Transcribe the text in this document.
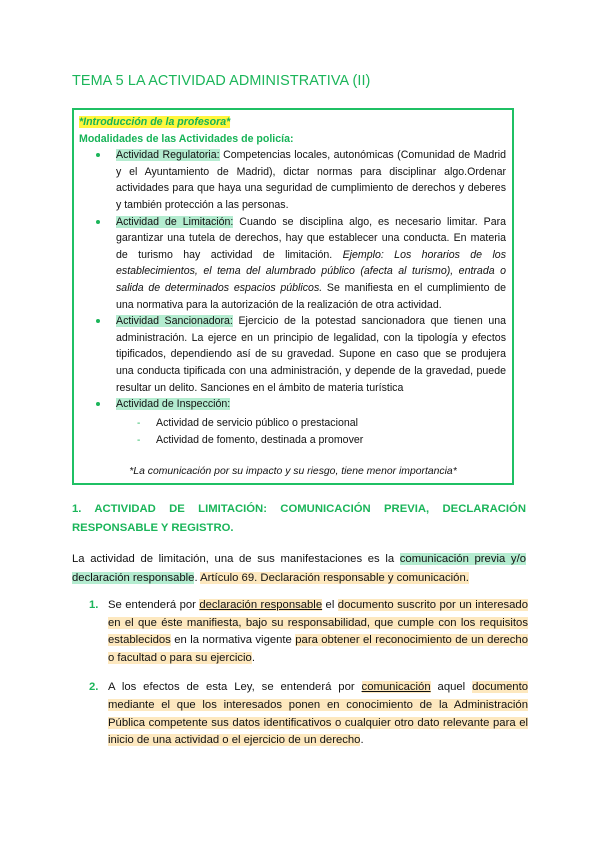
TEMA 5 LA ACTIVIDAD ADMINISTRATIVA (II)
*Introducción de la profesora*
Modalidades de las Actividades de policía:
Actividad Regulatoria: Competencias locales, autonómicas (Comunidad de Madrid y el Ayuntamiento de Madrid), dictar normas para disciplinar algo.Ordenar actividades para que haya una seguridad de cumplimiento de derechos y deberes y también protección a las personas.
Actividad de Limitación: Cuando se disciplina algo, es necesario limitar. Para garantizar una tutela de derechos, hay que establecer una conducta. En materia de turismo hay actividad de limitación. Ejemplo: Los horarios de los establecimientos, el tema del alumbrado público (afecta al turismo), entrada o salida de determinados espacios públicos. Se manifiesta en el cumplimiento de una normativa para la autorización de la realización de otra actividad.
Actividad Sancionadora: Ejercicio de la potestad sancionadora que tienen una administración. La ejerce en un principio de legalidad, con la tipología y efectos tipificados, dependiendo así de su gravedad. Supone en caso que se produjera una conducta tipificada con una administración, y depende de la gravedad, puede resultar un delito. Sanciones en el ámbito de materia turística
Actividad de Inspección:
- Actividad de servicio público o prestacional
- Actividad de fomento, destinada a promover
*La comunicación por su impacto y su riesgo, tiene menor importancia*
1. ACTIVIDAD DE LIMITACIÓN: COMUNICACIÓN PREVIA, DECLARACIÓN RESPONSABLE Y REGISTRO.

La actividad de limitación, una de sus manifestaciones es la comunicación previa y/o declaración responsable. Artículo 69. Declaración responsable y comunicación.

1. Se entenderá por declaración responsable el documento suscrito por un interesado en el que éste manifiesta, bajo su responsabilidad, que cumple con los requisitos establecidos en la normativa vigente para obtener el reconocimiento de un derecho o facultad o para su ejercicio.
2. A los efectos de esta Ley, se entenderá por comunicación aquel documento mediante el que los interesados ponen en conocimiento de la Administración Pública competente sus datos identificativos o cualquier otro dato relevante para el inicio de una actividad o el ejercicio de un derecho.
